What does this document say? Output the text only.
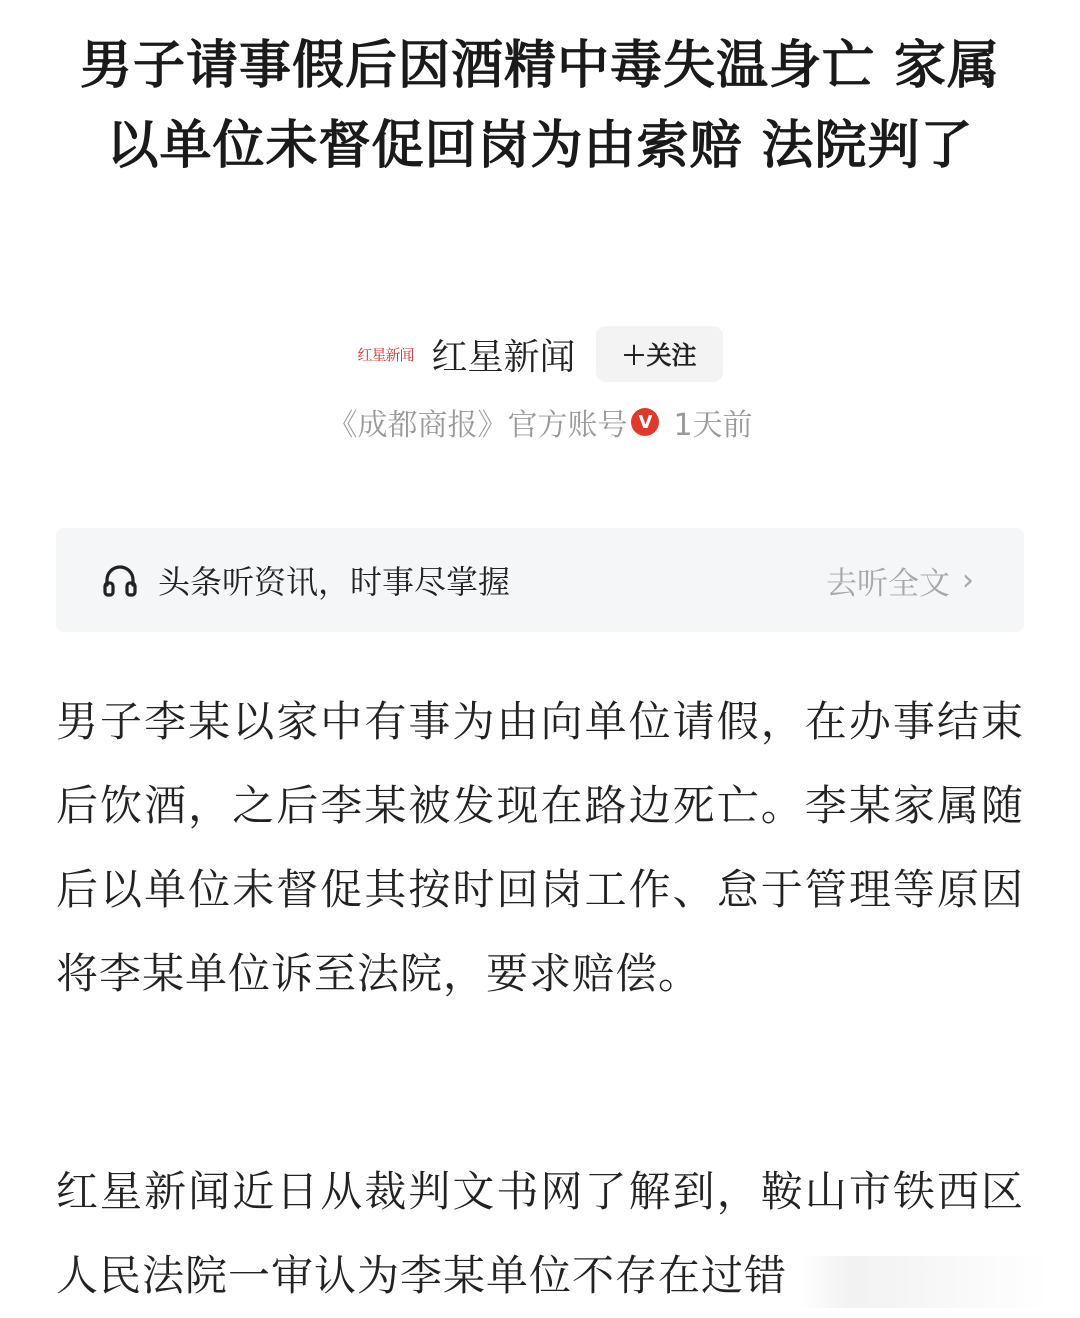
男子请事假后因酒精中毒失温身亡 家属以单位未督促回岗为由索赔 法院判了
红星新闻 红星新闻	＋关注
《成都商报》官方账号 V 1天前
头条听资讯，时事尽掌握	去听全文 ›

男子李某以家中有事为由向单位请假，在办事结束后饮酒，之后李某被发现在路边死亡。李某家属随后以单位未督促其按时回岗工作、怠于管理等原因将李某单位诉至法院，要求赔偿。

红星新闻近日从裁判文书网了解到，鞍山市铁西区人民法院一审认为李某单位不存在过错
